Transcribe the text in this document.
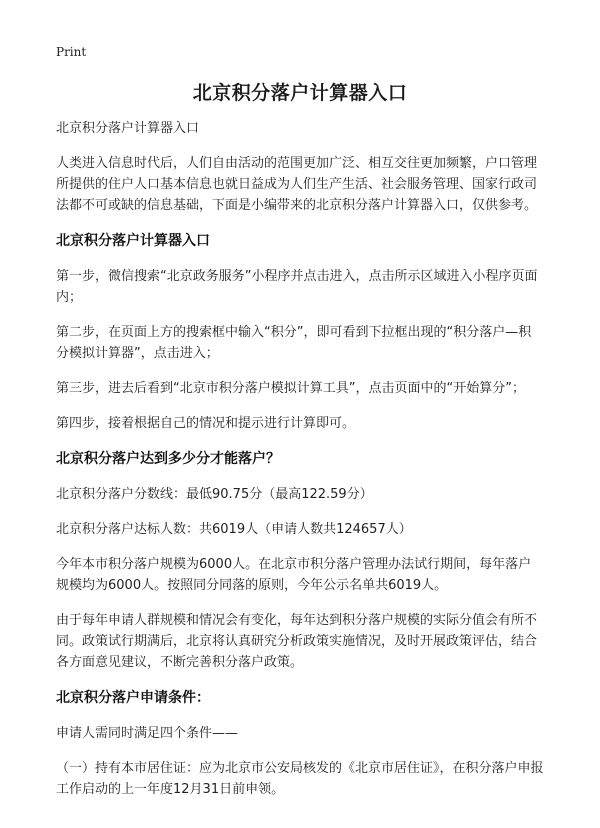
Print
北京积分落户计算器入口

北京积分落户计算器入口

人类进入信息时代后，人们自由活动的范围更加广泛、相互交往更加频繁，户口管理所提供的住户人口基本信息也就日益成为人们生产生活、社会服务管理、国家行政司法都不可或缺的信息基础，下面是小编带来的北京积分落户计算器入口，仅供参考。

北京积分落户计算器入口

第一步，微信搜索“北京政务服务”小程序并点击进入，点击所示区域进入小程序页面内；

第二步，在页面上方的搜索框中输入“积分”，即可看到下拉框出现的“积分落户—积分模拟计算器”，点击进入；

第三步，进去后看到“北京市积分落户模拟计算工具”，点击页面中的“开始算分”；

第四步，接着根据自己的情况和提示进行计算即可。

北京积分落户达到多少分才能落户？

北京积分落户分数线：最低90.75分（最高122.59分）

北京积分落户达标人数：共6019人（申请人数共124657人）

今年本市积分落户规模为6000人。在北京市积分落户管理办法试行期间，每年落户规模均为6000人。按照同分同落的原则，今年公示名单共6019人。

由于每年申请人群规模和情况会有变化，每年达到积分落户规模的实际分值会有所不同。政策试行期满后，北京将认真研究分析政策实施情况，及时开展政策评估，结合各方面意见建议，不断完善积分落户政策。

北京积分落户申请条件：

申请人需同时满足四个条件——

（一）持有本市居住证：应为北京市公安局核发的《北京市居住证》，在积分落户申报工作启动的上一年度12月31日前申领。
